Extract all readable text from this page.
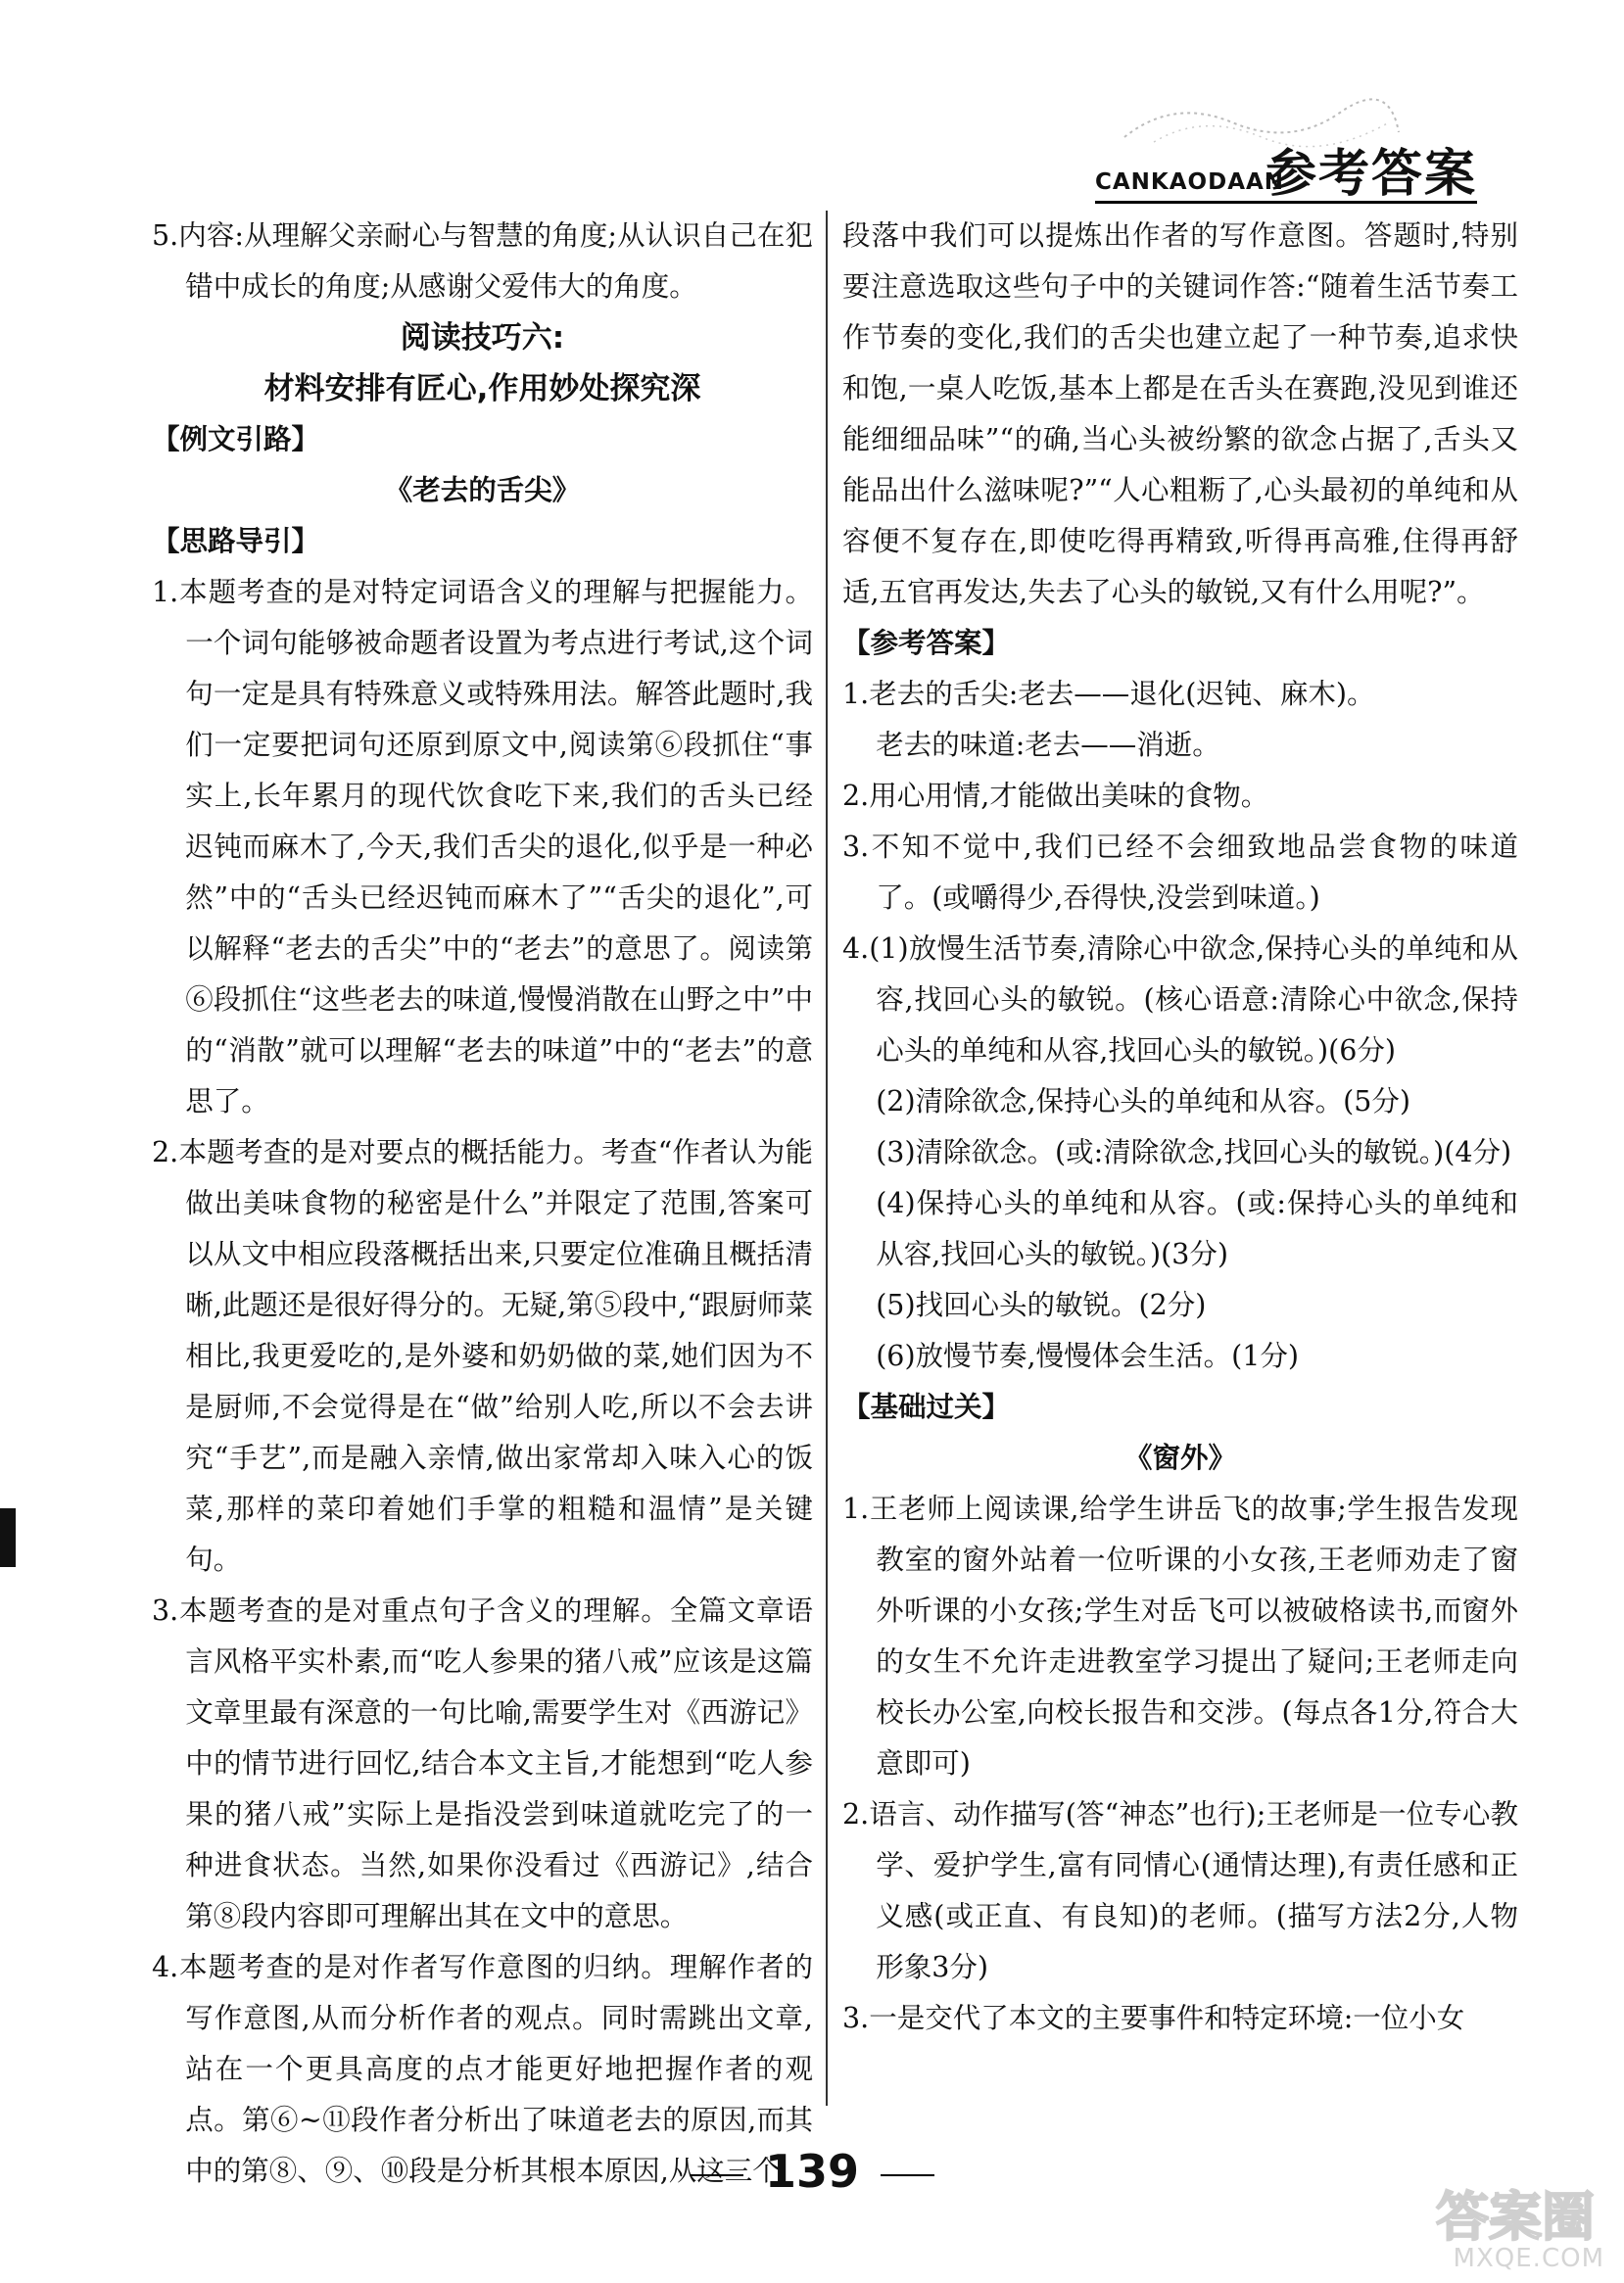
CANKAODAAN
参考答案

5.内容:从理解父亲耐心与智慧的角度;从认识自己在犯错中成长的角度;从感谢父爱伟大的角度。

阅读技巧六:

材料安排有匠心,作用妙处探究深

【例文引路】

《老去的舌尖》

【思路导引】

1.本题考查的是对特定词语含义的理解与把握能力。一个词句能够被命题者设置为考点进行考试,这个词句一定是具有特殊意义或特殊用法。解答此题时,我们一定要把词句还原到原文中,阅读第⑥段抓住“事实上,长年累月的现代饮食吃下来,我们的舌头已经迟钝而麻木了,今天,我们舌尖的退化,似乎是一种必然”中的“舌头已经迟钝而麻木了”“舌尖的退化”,可以解释“老去的舌尖”中的“老去”的意思了。阅读第⑥段抓住“这些老去的味道,慢慢消散在山野之中”中的“消散”就可以理解“老去的味道”中的“老去”的意思了。

2.本题考查的是对要点的概括能力。考查“作者认为能做出美味食物的秘密是什么”并限定了范围,答案可以从文中相应段落概括出来,只要定位准确且概括清晰,此题还是很好得分的。无疑,第⑤段中,“跟厨师菜相比,我更爱吃的,是外婆和奶奶做的菜,她们因为不是厨师,不会觉得是在“做”给别人吃,所以不会去讲究“手艺”,而是融入亲情,做出家常却入味入心的饭菜,那样的菜印着她们手掌的粗糙和温情”是关键句。

3.本题考查的是对重点句子含义的理解。全篇文章语言风格平实朴素,而“吃人参果的猪八戒”应该是这篇文章里最有深意的一句比喻,需要学生对《西游记》中的情节进行回忆,结合本文主旨,才能想到“吃人参果的猪八戒”实际上是指没尝到味道就吃完了的一种进食状态。当然,如果你没看过《西游记》,结合第⑧段内容即可理解出其在文中的意思。

4.本题考查的是对作者写作意图的归纳。理解作者的写作意图,从而分析作者的观点。同时需跳出文章,站在一个更具高度的点才能更好地把握作者的观点。第⑥~⑪段作者分析出了味道老去的原因,而其中的第⑧、⑨、⑩段是分析其根本原因,从这三个

段落中我们可以提炼出作者的写作意图。答题时,特别要注意选取这些句子中的关键词作答:“随着生活节奏工作节奏的变化,我们的舌尖也建立起了一种节奏,追求快和饱,一桌人吃饭,基本上都是在舌头在赛跑,没见到谁还能细细品味”“的确,当心头被纷繁的欲念占据了,舌头又能品出什么滋味呢?”“人心粗粝了,心头最初的单纯和从容便不复存在,即使吃得再精致,听得再高雅,住得再舒适,五官再发达,失去了心头的敏锐,又有什么用呢?”。

【参考答案】

1.老去的舌尖:老去——退化(迟钝、麻木)。

老去的味道:老去——消逝。

2.用心用情,才能做出美味的食物。

3.不知不觉中,我们已经不会细致地品尝食物的味道了。(或嚼得少,吞得快,没尝到味道。)

4.(1)放慢生活节奏,清除心中欲念,保持心头的单纯和从容,找回心头的敏锐。(核心语意:清除心中欲念,保持心头的单纯和从容,找回心头的敏锐。)(6分)

(2)清除欲念,保持心头的单纯和从容。(5分)

(3)清除欲念。(或:清除欲念,找回心头的敏锐。)(4分)

(4)保持心头的单纯和从容。(或:保持心头的单纯和从容,找回心头的敏锐。)(3分)

(5)找回心头的敏锐。(2分)

(6)放慢节奏,慢慢体会生活。(1分)

【基础过关】

《窗外》

1.王老师上阅读课,给学生讲岳飞的故事;学生报告发现教室的窗外站着一位听课的小女孩,王老师劝走了窗外听课的小女孩;学生对岳飞可以被破格读书,而窗外的女生不允许走进教室学习提出了疑问;王老师走向校长办公室,向校长报告和交涉。(每点各1分,符合大意即可)

2.语言、动作描写(答“神态”也行);王老师是一位专心教学、爱护学生,富有同情心(通情达理),有责任感和正义感(或正直、有良知)的老师。(描写方法2分,人物形象3分)

3.一是交代了本文的主要事件和特定环境:一位小女

139
答案圈
MXQE.COM
